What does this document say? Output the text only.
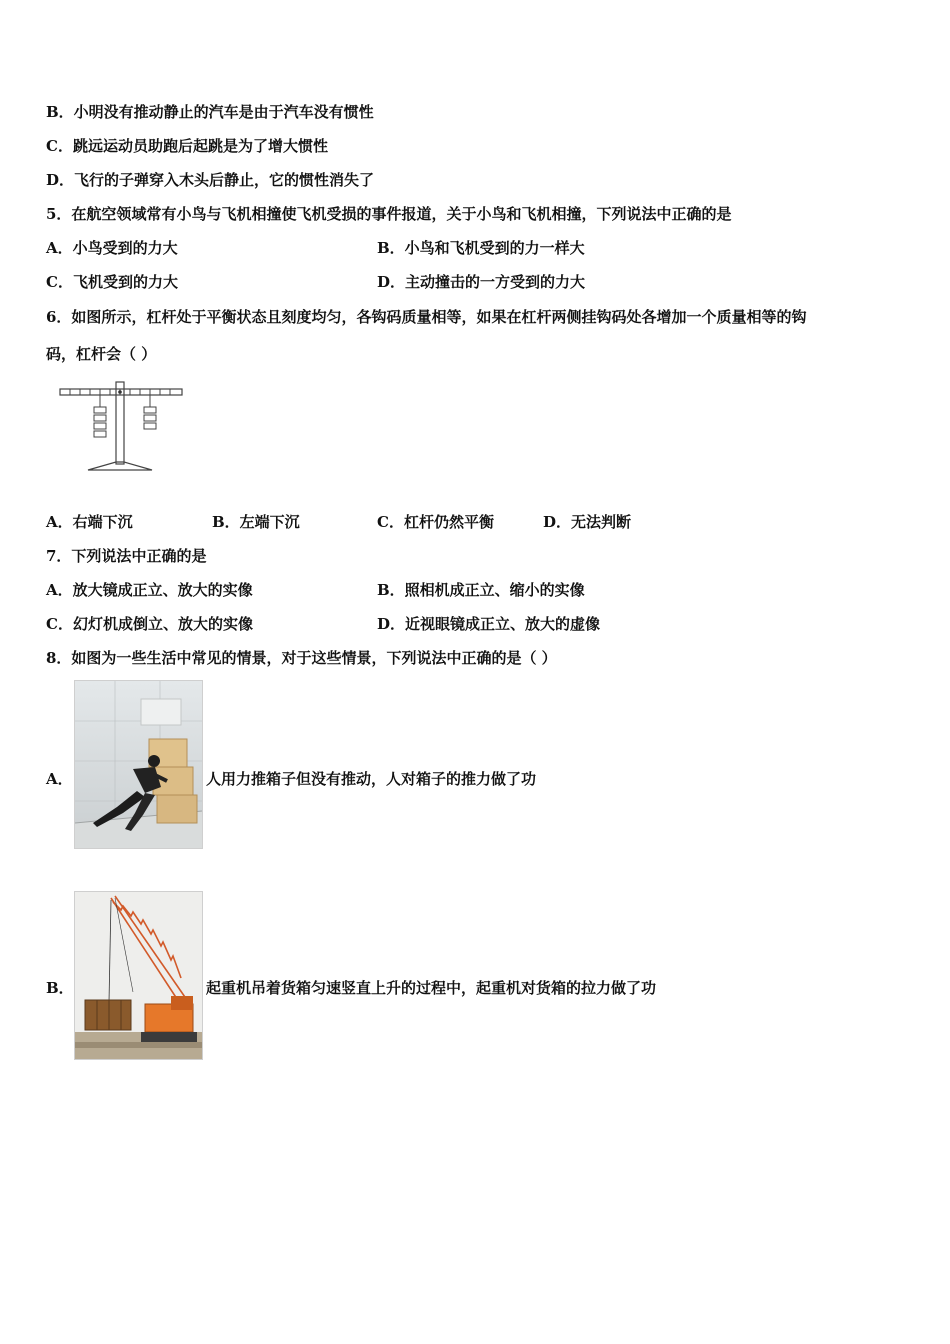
B．小明没有推动静止的汽车是由于汽车没有惯性
C．跳远运动员助跑后起跳是为了增大惯性
D．飞行的子弹穿入木头后静止，它的惯性消失了
5．在航空领域常有小鸟与飞机相撞使飞机受损的事件报道，关于小鸟和飞机相撞，下列说法中正确的是
A．小鸟受到的力大	B．小鸟和飞机受到的力一样大
C．飞机受到的力大	D．主动撞击的一方受到的力大
6．如图所示，杠杆处于平衡状态且刻度均匀，各钩码质量相等，如果在杠杆两侧挂钩码处各增加一个质量相等的钩
码，杠杆会（ ）
A．右端下沉	B．左端下沉	C．杠杆仍然平衡	D．无法判断
7．下列说法中正确的是
A．放大镜成正立、放大的实像	B．照相机成正立、缩小的实像
C．幻灯机成倒立、放大的实像	D．近视眼镜成正立、放大的虚像
8．如图为一些生活中常见的情景，对于这些情景，下列说法中正确的是（ ）
A．	人用力推箱子但没有推动，人对箱子的推力做了功
B．	起重机吊着货箱匀速竖直上升的过程中，起重机对货箱的拉力做了功
